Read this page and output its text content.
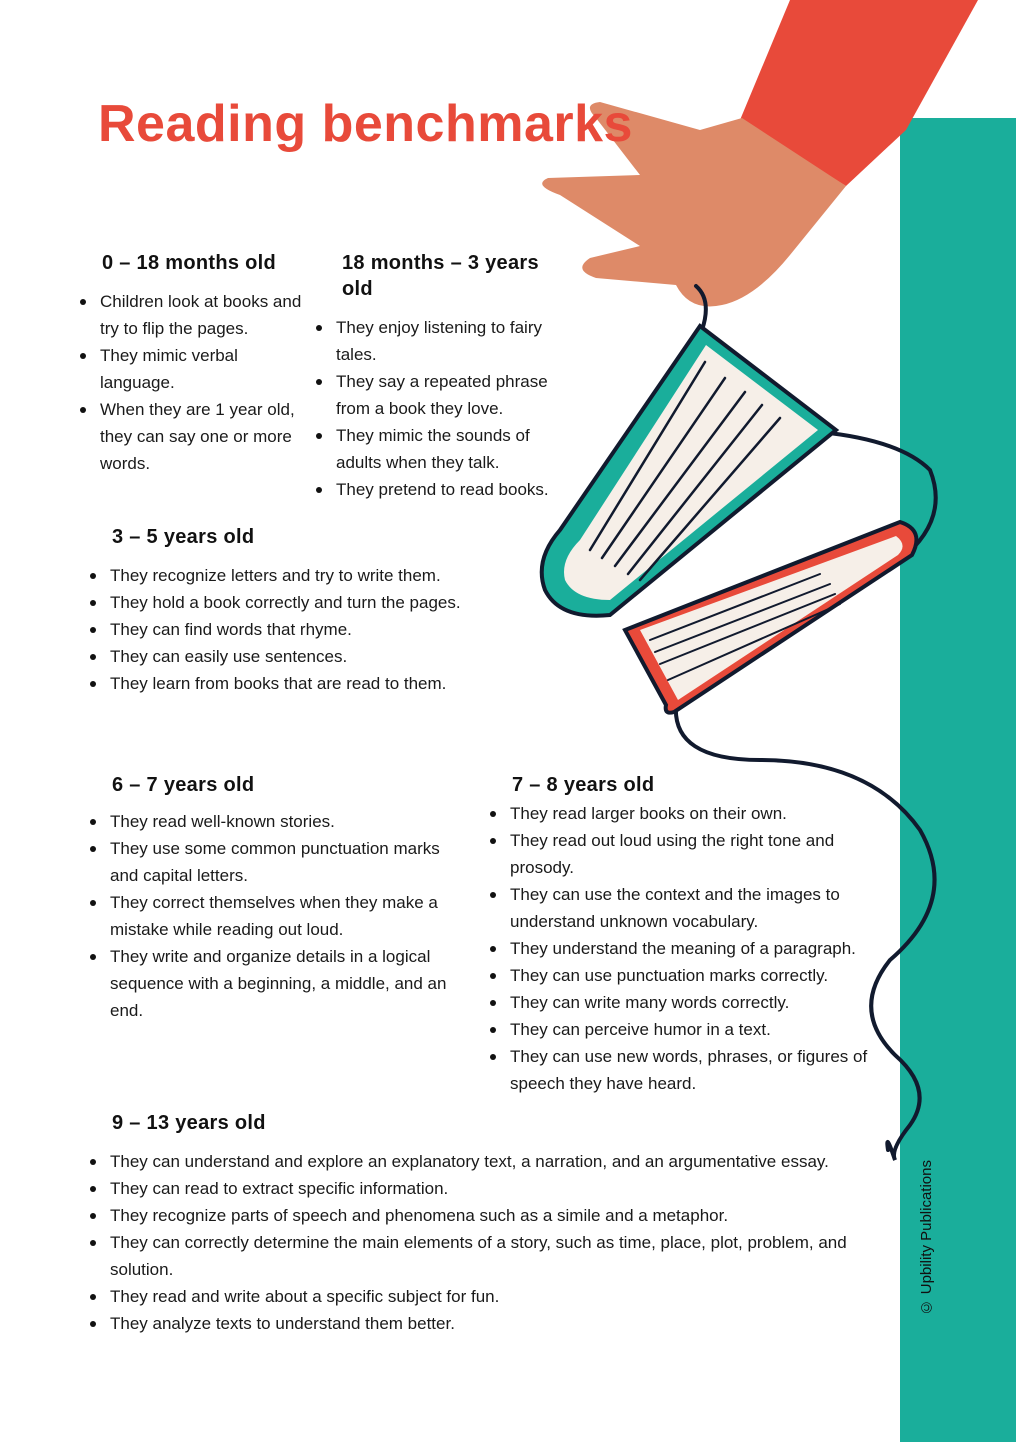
© Upbility Publications
Reading benchmarks
0 – 18 months old
Children look at books and try to flip the pages.
They mimic verbal language.
When they are 1 year old, they can say one or more words.
18 months – 3 years old
They enjoy listening to fairy tales.
They say a repeated phrase from a book they love.
They mimic the sounds of adults when they talk.
They pretend to read books.
3 – 5 years old
They recognize letters and try to write them.
They hold a book correctly and turn the pages.
They can find words that rhyme.
They can easily use sentences.
They learn from books that are read to them.
6 – 7 years old
They read well-known stories.
They use some common punctuation marks and capital letters.
They correct themselves when they make a mistake while reading out loud.
They write and organize details in a logical sequence with a beginning, a middle, and an end.
7 – 8 years old
They read larger books on their own.
They read out loud using the right tone and prosody.
They can use the context and the images to understand unknown vocabulary.
They understand the meaning of a paragraph.
They can use punctuation marks correctly.
They can write many words correctly.
They can perceive humor in a text.
They can use new words, phrases, or figures of speech they have heard.
9 – 13 years old
They can understand and explore an explanatory text, a narration, and an argumentative essay.
They can read to extract specific information.
They recognize parts of speech and phenomena such as a simile and a metaphor.
They can correctly determine the main elements of a story, such as time, place, plot, problem, and solution.
They read and write about a specific subject for fun.
They analyze texts to understand them better.
